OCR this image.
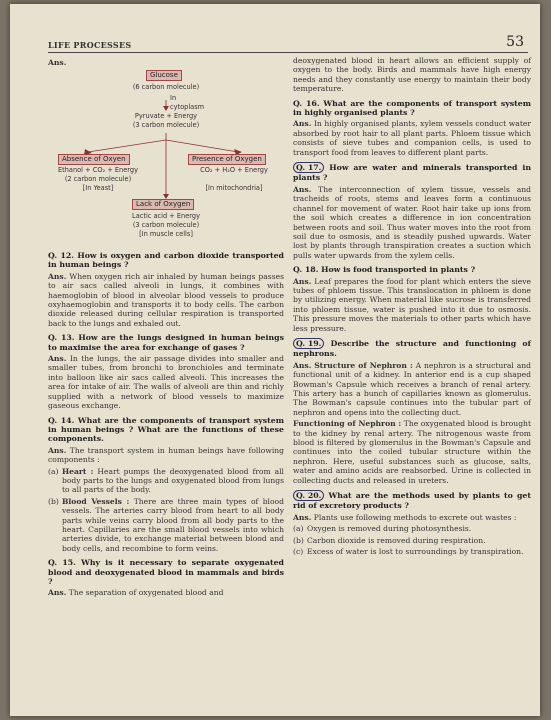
LIFE PROCESSES	53
Ans.
Glucose
(6 carbon molecule)
In
cytoplasm
Pyruvate + Energy
(3 carbon molecule)
Absence of Oxyen
Ethanol + CO₂ + Energy
(2 carbon molecule)
[In Yeast]
Presence of Oxygen
CO₂ + H₂O + Energy
[In mitochondria]
Lack of Oxygen
Lactic acid + Energy
(3 carbon molecule)
[In muscle cells]

Q. 12. How is oxygen and carbon dioxide transported in human beings ?

Ans. When oxygen rich air inhaled by human beings passes to air sacs called alveoli in lungs, it combines with haemoglobin of blood in alveolar blood vessels to produce oxyhaemoglobin and transports it to body cells. The carbon dioxide released during cellular respiration is transported back to the lungs and exhaled out.

Q. 13. How are the lungs designed in human beings to maximise the area for exchange of gases ?

Ans. In the lungs, the air passage divides into smaller and smaller tubes, from bronchi to bronchioles and terminate into balloon like air sacs called alveoli. This increases the area for intake of air. The walls of alveoli are thin and richly supplied with a network of blood vessels to maximize gaseous exchange.

Q. 14. What are the components of transport system in human beings ? What are the functions of these components.

Ans. The transport system in human beings have following components :

(a) Heart : Heart pumps the deoxygenated blood from all body parts to the lungs and oxygenated blood from lungs to all parts of the body.
(b) Blood Vessels : There are three main types of blood vessels. The arteries carry blood from heart to all body parts while veins carry blood from all body parts to the heart. Capillaries are the small blood vessels into which arteries divide, to exchange material between blood and body cells, and recombine to form veins.

Q. 15. Why is it necessary to separate oxygenated blood and deoxygenated blood in mammals and birds ?

Ans. The separation of oxygenated blood and

deoxygenated blood in heart allows an efficient supply of oxygen to the body. Birds and mammals have high energy needs and they constantly use energy to maintain their body temperature.

Q. 16. What are the components of transport system in highly organised plants ?

Ans. In highly organised plants, xylem vessels conduct water absorbed by root hair to all plant parts. Phloem tissue which consists of sieve tubes and companion cells, is used to transport food from leaves to different plant parts.

Q. 17. How are water and minerals transported in plants ?

Ans. The interconnection of xylem tissue, vessels and tracheids of roots, stems and leaves form a continuous channel for movement of water. Root hair take up ions from the soil which creates a difference in ion concentration between roots and soil. Thus water moves into the root from soil due to osmosis, and is steadily pushed upwards. Water lost by plants through transpiration creates a suction which pulls water upwards from the xylem cells.

Q. 18. How is food transported in plants ?

Ans. Leaf prepares the food for plant which enters the sieve tubes of phloem tissue. This translocation in phloem is done by utilizing energy. When material like sucrose is transferred into phloem tissue, water is pushed into it due to osmosis. This pressure moves the materials to other parts which have less pressure.

Q. 19. Describe the structure and functioning of nephrons.

Ans. Structure of Nephron : A nephron is a structural and functional unit of a kidney. In anterior end is a cup shaped Bowman's Capsule which receives a branch of renal artery. This artery has a bunch of capillaries known as glomerulus. The Bowman's capsule continues into the tubular part of nephron and opens into the collecting duct.

Functioning of Nephron : The oxygenated blood is brought to the kidney by renal artery. The nitrogenous waste from blood is filtered by glomerulus in the Bowman's Capsule and continues into the coiled tubular structure within the nephron. Here, useful substances such as glucose, salts, water and amino acids are reabsorbed. Urine is collected in collecting ducts and released in ureters.

Q. 20. What are the methods used by plants to get rid of excretory products ?

Ans. Plants use following methods to excrete out wastes :

(a) Oxygen is removed during photosynthesis.
(b) Carbon dioxide is removed during respiration.
(c) Excess of water is lost to surroundings by transpiration.
